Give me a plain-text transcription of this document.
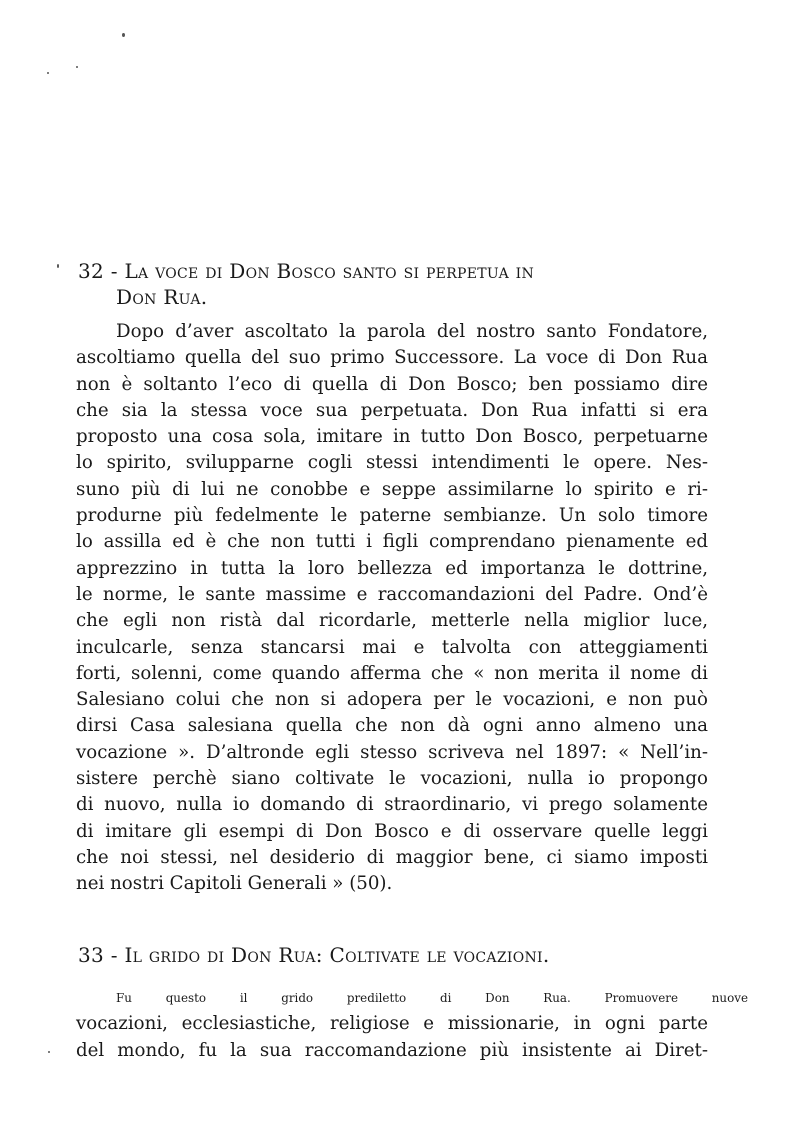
32 - La voce di Don Bosco santo si perpetua in
Don Rua.

Dopo d’aver ascoltato la parola del nostro santo Fondatore,
ascoltiamo quella del suo primo Successore. La voce di Don Rua
non è soltanto l’eco di quella di Don Bosco; ben possiamo dire
che sia la stessa voce sua perpetuata. Don Rua infatti si era
proposto una cosa sola, imitare in tutto Don Bosco, perpetuarne
lo spirito, svilupparne cogli stessi intendimenti le opere. Nes-
suno più di lui ne conobbe e seppe assimilarne lo spirito e ri-
produrne più fedelmente le paterne sembianze. Un solo timore
lo assilla ed è che non tutti i figli comprendano pienamente ed
apprezzino in tutta la loro bellezza ed importanza le dottrine,
le norme, le sante massime e raccomandazioni del Padre. Ond’è
che egli non ristà dal ricordarle, metterle nella miglior luce,
inculcarle, senza stancarsi mai e talvolta con atteggiamenti
forti, solenni, come quando afferma che « non merita il nome di
Salesiano colui che non si adopera per le vocazioni, e non può
dirsi Casa salesiana quella che non dà ogni anno almeno una
vocazione ». D’altronde egli stesso scriveva nel 1897: « Nell’in-
sistere perchè siano coltivate le vocazioni, nulla io propongo
di nuovo, nulla io domando di straordinario, vi prego solamente
di imitare gli esempi di Don Bosco e di osservare quelle leggi
che noi stessi, nel desiderio di maggior bene, ci siamo imposti
nei nostri Capitoli Generali » (50).

33 - Il grido di Don Rua: Coltivate le vocazioni.

Fu questo il grido prediletto di Don Rua. Promuovere nuove
vocazioni, ecclesiastiche, religiose e missionarie, in ogni parte
del mondo, fu la sua raccomandazione più insistente ai Diret-
